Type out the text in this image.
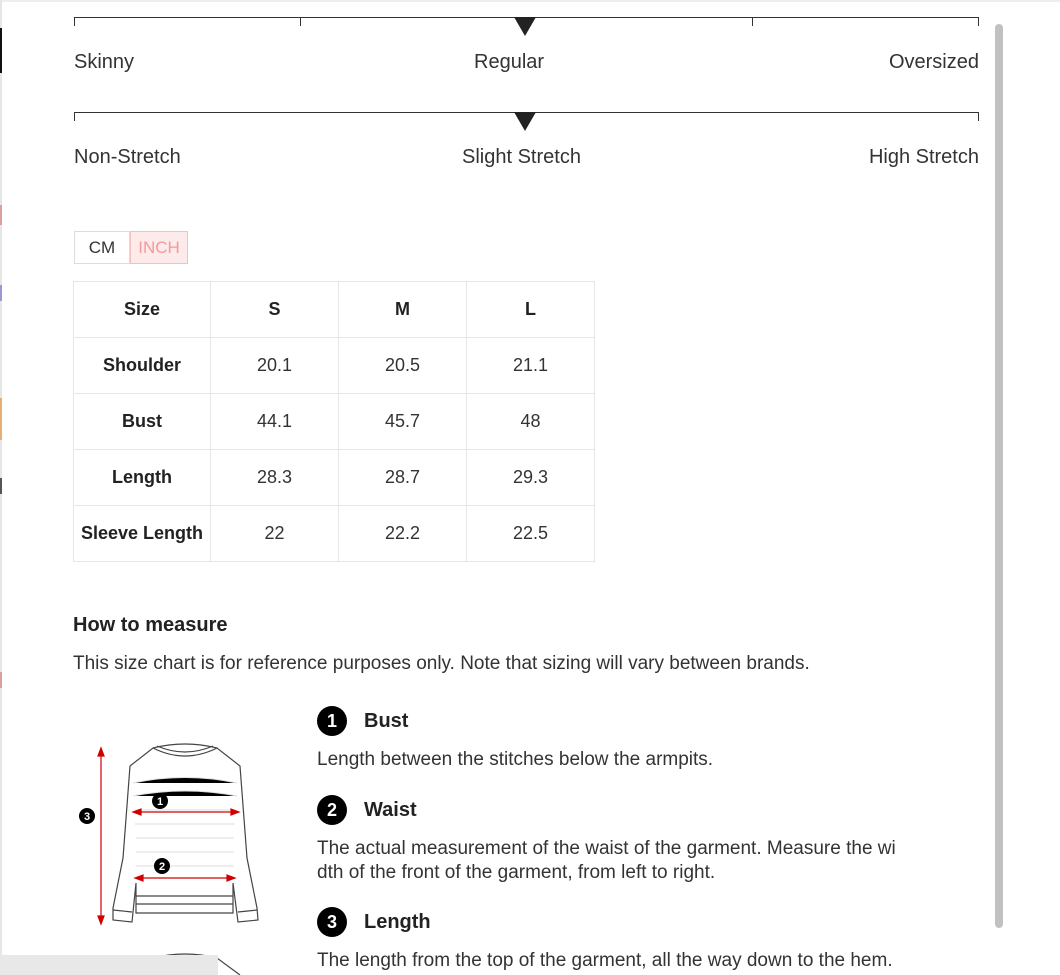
Skinny	Regular	Oversized
Non-Stretch	Slight Stretch	High Stretch
CM	INCH
Size	S	M	L
Shoulder	20.1	20.5	21.1
Bust	44.1	45.7	48
Length	28.3	28.7	29.3
Sleeve Length	22	22.2	22.5
How to measure
This size chart is for reference purposes only. Note that sizing will vary between brands.
1
2
3
1	Bust
Length between the stitches below the armpits.
2	Waist
The actual measurement of the waist of the garment. Measure the wi dth of the front of the garment, from left to right.
3	Length
The length from the top of the garment, all the way down to the hem.
